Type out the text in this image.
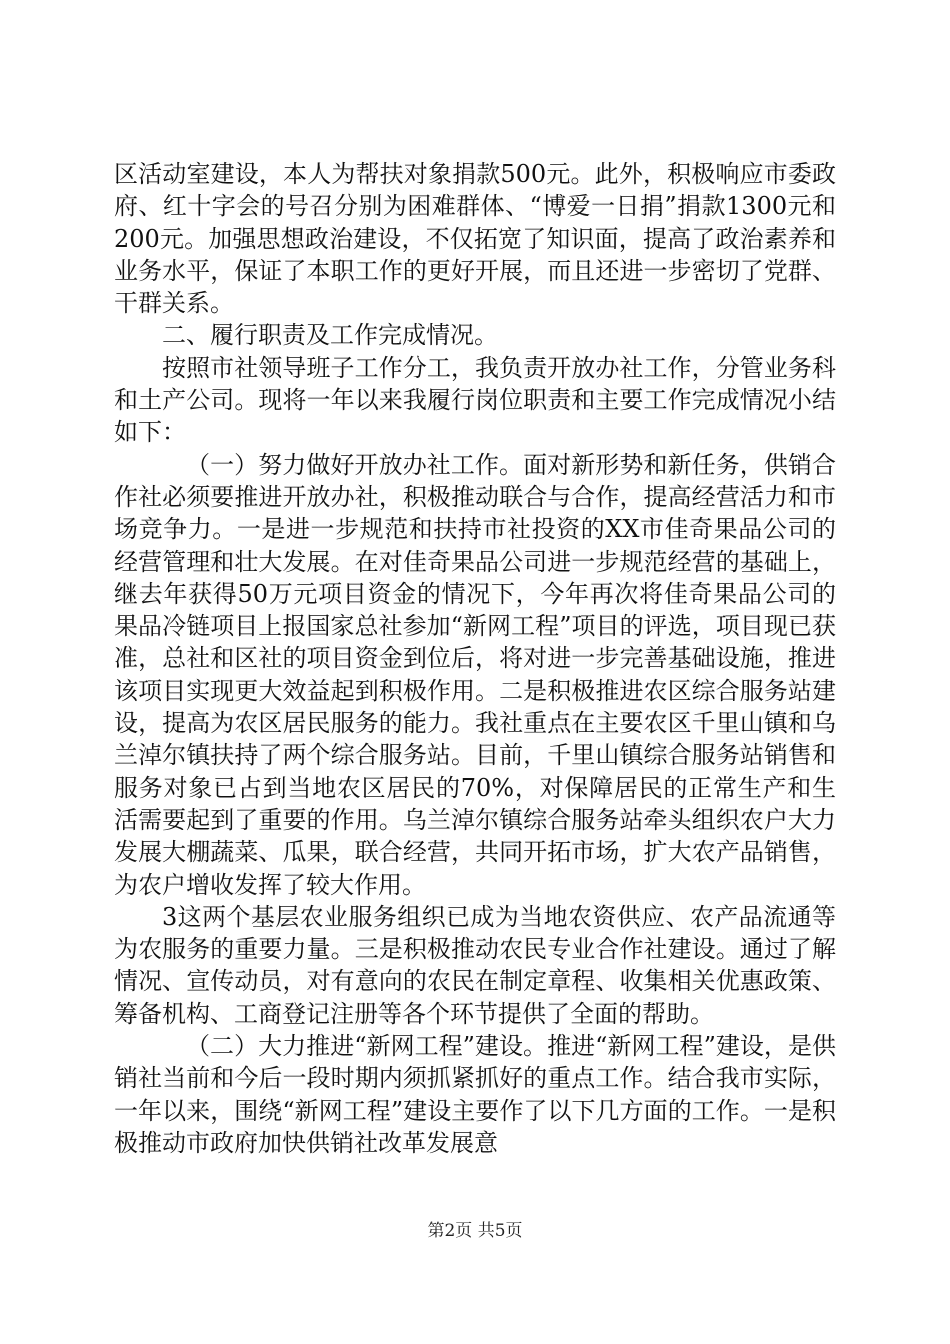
区活动室建设，本人为帮扶对象捐款500元。此外，积极响应市委政府、红十字会的号召分别为困难群体、“博爱一日捐”捐款1300元和200元。加强思想政治建设，不仅拓宽了知识面，提高了政治素养和业务水平，保证了本职工作的更好开展，而且还进一步密切了党群、干群关系。

二、履行职责及工作完成情况。

按照市社领导班子工作分工，我负责开放办社工作，分管业务科和土产公司。现将一年以来我履行岗位职责和主要工作完成情况小结如下：

（一）努力做好开放办社工作。面对新形势和新任务，供销合作社必须要推进开放办社，积极推动联合与合作，提高经营活力和市场竞争力。一是进一步规范和扶持市社投资的XX市佳奇果品公司的经营管理和壮大发展。在对佳奇果品公司进一步规范经营的基础上，继去年获得50万元项目资金的情况下，今年再次将佳奇果品公司的果品冷链项目上报国家总社参加“新网工程”项目的评选，项目现已获准，总社和区社的项目资金到位后，将对进一步完善基础设施，推进该项目实现更大效益起到积极作用。二是积极推进农区综合服务站建设，提高为农区居民服务的能力。我社重点在主要农区千里山镇和乌兰淖尔镇扶持了两个综合服务站。目前，千里山镇综合服务站销售和服务对象已占到当地农区居民的70%，对保障居民的正常生产和生活需要起到了重要的作用。乌兰淖尔镇综合服务站牵头组织农户大力发展大棚蔬菜、瓜果，联合经营，共同开拓市场，扩大农产品销售，为农户增收发挥了较大作用。

3这两个基层农业服务组织已成为当地农资供应、农产品流通等为农服务的重要力量。三是积极推动农民专业合作社建设。通过了解情况、宣传动员，对有意向的农民在制定章程、收集相关优惠政策、筹备机构、工商登记注册等各个环节提供了全面的帮助。

（二）大力推进“新网工程”建设。推进“新网工程”建设，是供销社当前和今后一段时期内须抓紧抓好的重点工作。结合我市实际，一年以来，围绕“新网工程”建设主要作了以下几方面的工作。一是积极推动市政府加快供销社改革发展意

第2页 共5页
